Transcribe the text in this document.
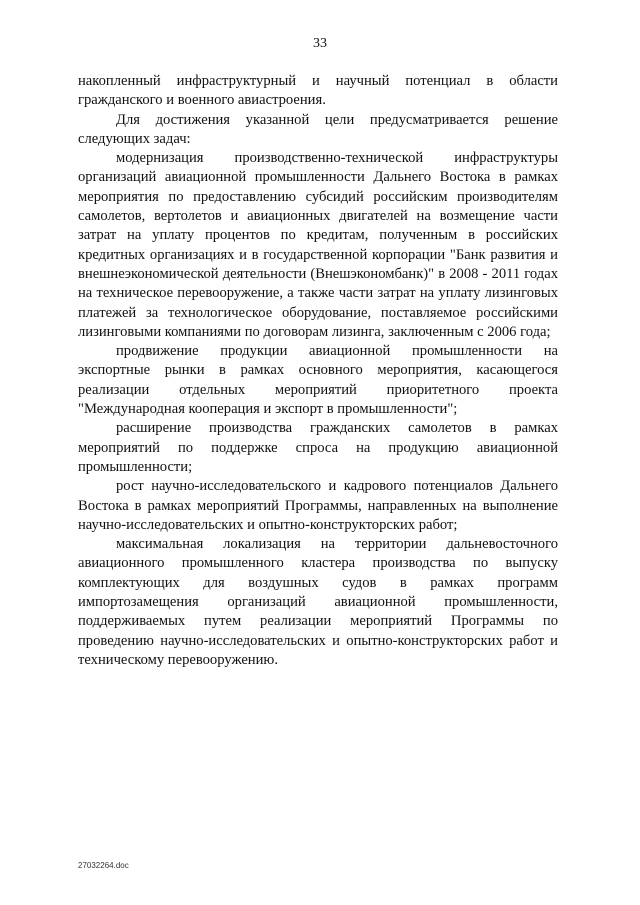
33

накопленный инфраструктурный и научный потенциал в области гражданского и военного авиастроения.

Для достижения указанной цели предусматривается решение следующих задач:

модернизация производственно-технической инфраструктуры организаций авиационной промышленности Дальнего Востока в рамках мероприятия по предоставлению субсидий российским производителям самолетов, вертолетов и авиационных двигателей на возмещение части затрат на уплату процентов по кредитам, полученным в российских кредитных организациях и в государственной корпорации "Банк развития и внешнеэкономической деятельности (Внешэкономбанк)" в 2008 - 2011 годах на техническое перевооружение, а также части затрат на уплату лизинговых платежей за технологическое оборудование, поставляемое российскими лизинговыми компаниями по договорам лизинга, заключенным с 2006 года;

продвижение продукции авиационной промышленности на экспортные рынки в рамках основного мероприятия, касающегося реализации отдельных мероприятий приоритетного проекта "Международная кооперация и экспорт в промышленности";

расширение производства гражданских самолетов в рамках мероприятий по поддержке спроса на продукцию авиационной промышленности;

рост научно-исследовательского и кадрового потенциалов Дальнего Востока в рамках мероприятий Программы, направленных на выполнение научно-исследовательских и опытно-конструкторских работ;

максимальная локализация на территории дальневосточного авиационного промышленного кластера производства по выпуску комплектующих для воздушных судов в рамках программ импортозамещения организаций авиационной промышленности, поддерживаемых путем реализации мероприятий Программы по проведению научно-исследовательских и опытно-конструкторских работ и техническому перевооружению.

27032264.doc
